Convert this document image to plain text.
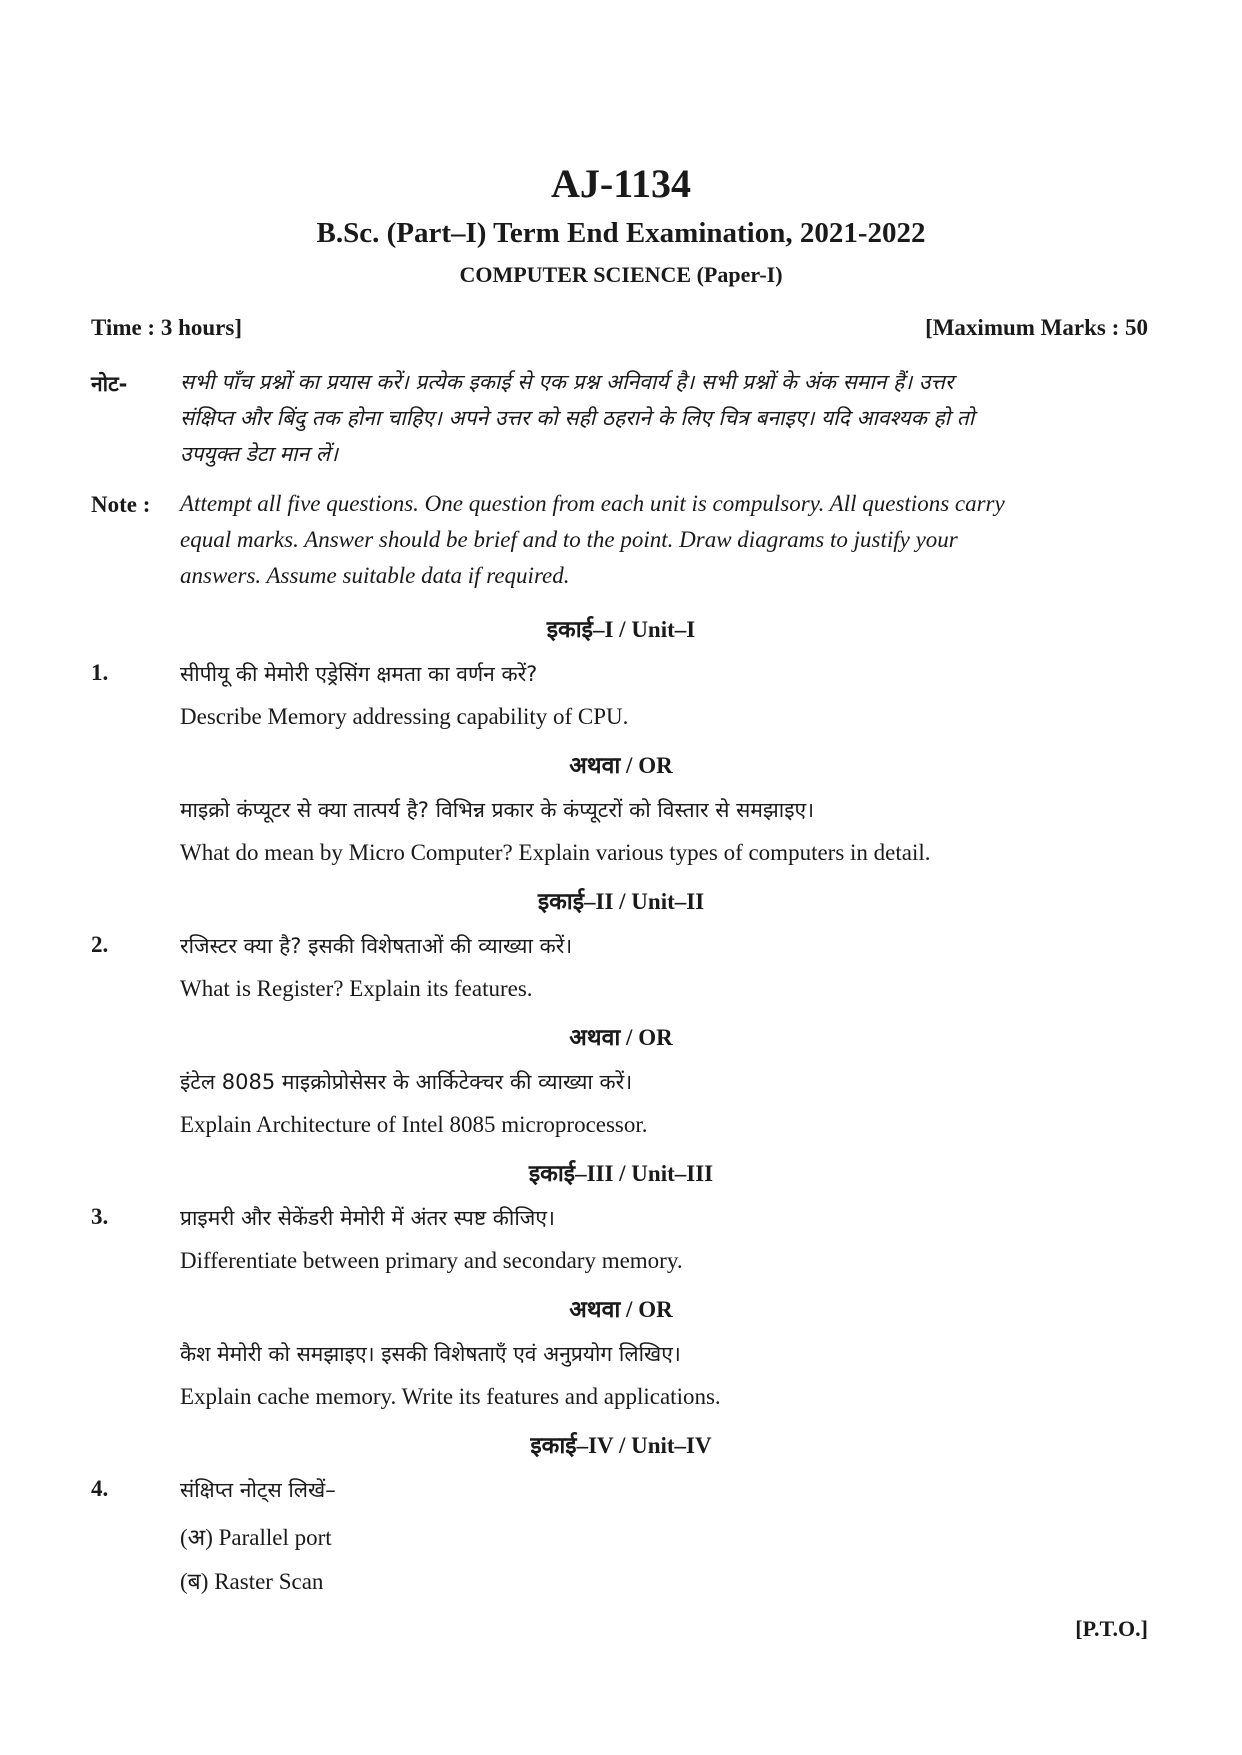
AJ-1134
B.Sc. (Part–I) Term End Examination, 2021-2022
COMPUTER SCIENCE (Paper-I)
Time : 3 hours]	[Maximum Marks : 50
नोट-	सभी पाँच प्रश्नों का प्रयास करें। प्रत्येक इकाई से एक प्रश्न अनिवार्य है। सभी प्रश्नों के अंक समान हैं। उत्तर
संक्षिप्त और बिंदु तक होना चाहिए। अपने उत्तर को सही ठहराने के लिए चित्र बनाइए। यदि आवश्यक हो तो
उपयुक्त डेटा मान लें।
Note : Attempt all five questions. One question from each unit is compulsory. All questions carry
equal marks. Answer should be brief and to the point. Draw diagrams to justify your
answers. Assume suitable data if required.
इकाई–I / Unit–I
1.	सीपीयू की मेमोरी एड्रेसिंग क्षमता का वर्णन करें?
Describe Memory addressing capability of CPU.
अथवा / OR
माइक्रो कंप्यूटर से क्या तात्पर्य है? विभिन्न प्रकार के कंप्यूटरों को विस्तार से समझाइए।
What do mean by Micro Computer? Explain various types of computers in detail.
इकाई–II / Unit–II
2.	रजिस्टर क्या है? इसकी विशेषताओं की व्याख्या करें।
What is Register? Explain its features.
अथवा / OR
इंटेल 8085 माइक्रोप्रोसेसर के आर्किटेक्चर की व्याख्या करें।
Explain Architecture of Intel 8085 microprocessor.
इकाई–III / Unit–III
3.	प्राइमरी और सेकेंडरी मेमोरी में अंतर स्पष्ट कीजिए।
Differentiate between primary and secondary memory.
अथवा / OR
कैश मेमोरी को समझाइए। इसकी विशेषताएँ एवं अनुप्रयोग लिखिए।
Explain cache memory. Write its features and applications.
इकाई–IV / Unit–IV
4.	संक्षिप्त नोट्स लिखें–
(अ) Parallel port
(ब) Raster Scan
[P.T.O.]
